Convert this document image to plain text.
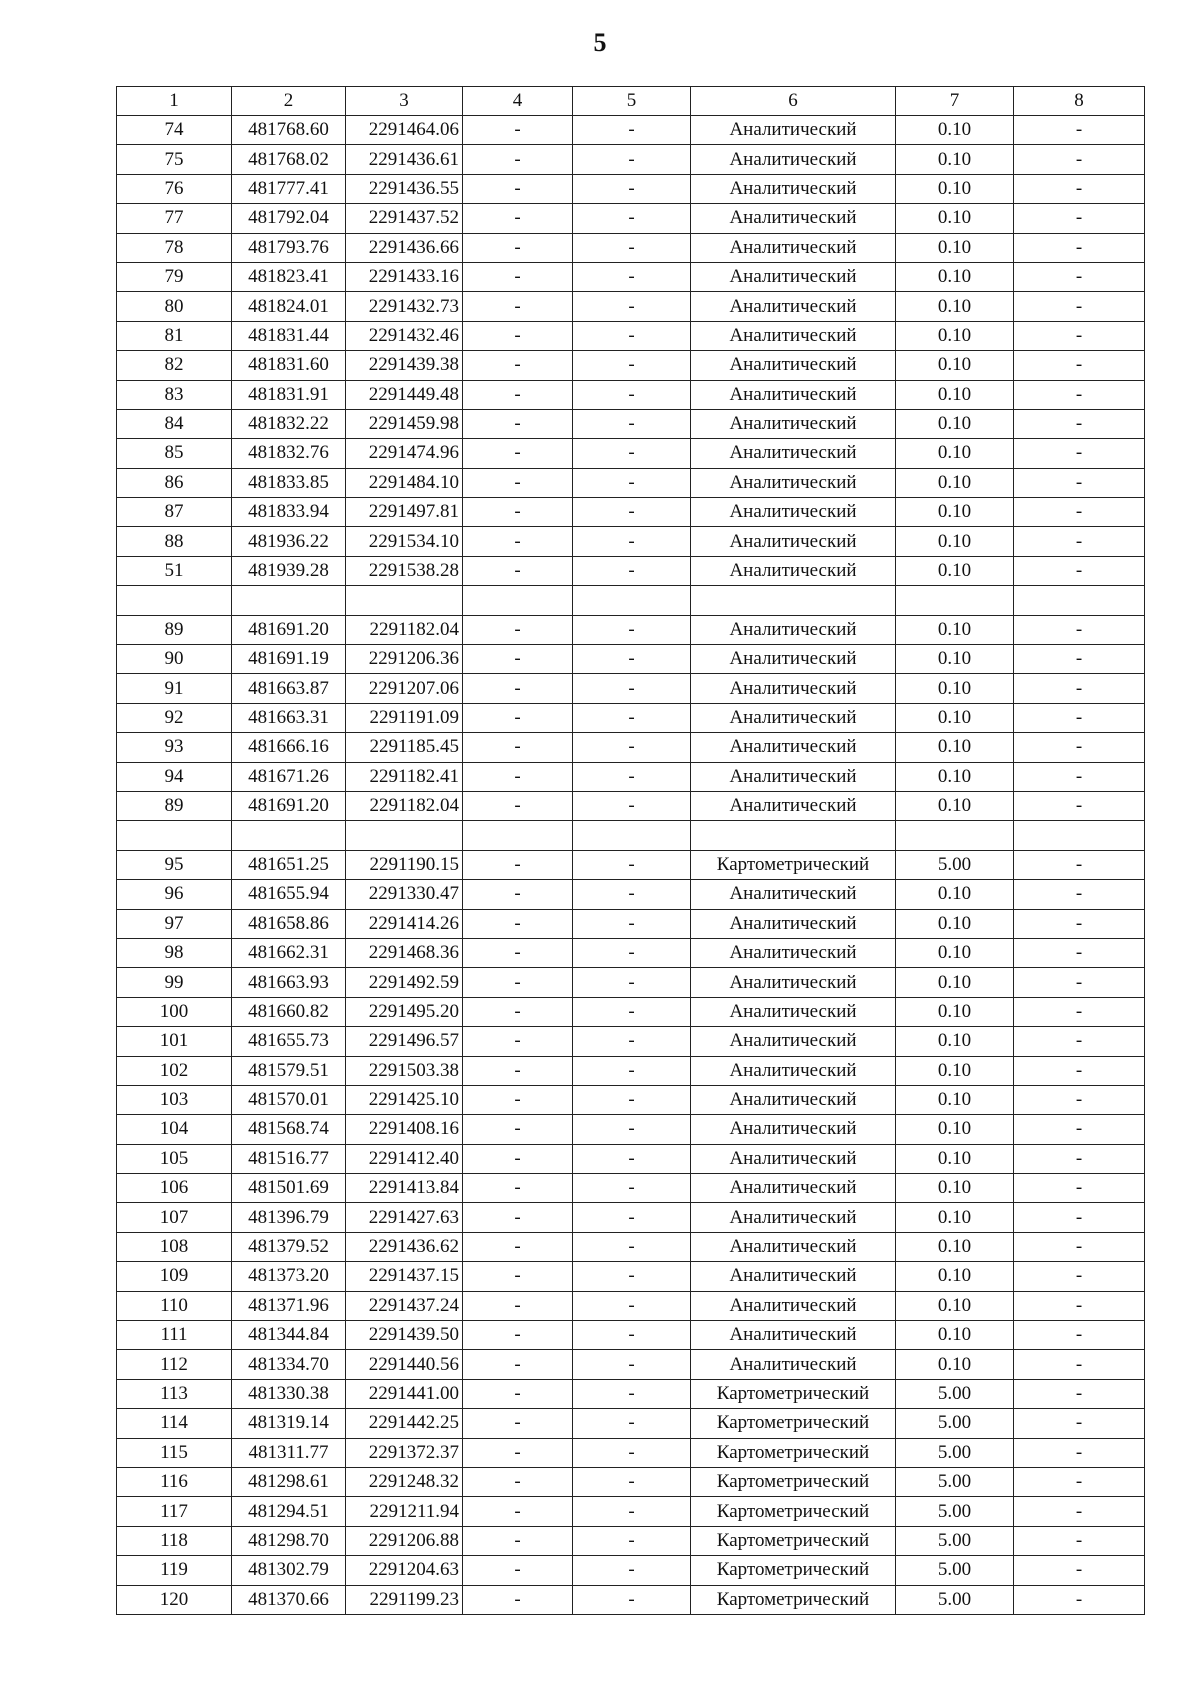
5
1	2	3	4	5	6	7	8
74	481768.60	2291464.06	-	-	Аналитический	0.10	-
75	481768.02	2291436.61	-	-	Аналитический	0.10	-
76	481777.41	2291436.55	-	-	Аналитический	0.10	-
77	481792.04	2291437.52	-	-	Аналитический	0.10	-
78	481793.76	2291436.66	-	-	Аналитический	0.10	-
79	481823.41	2291433.16	-	-	Аналитический	0.10	-
80	481824.01	2291432.73	-	-	Аналитический	0.10	-
81	481831.44	2291432.46	-	-	Аналитический	0.10	-
82	481831.60	2291439.38	-	-	Аналитический	0.10	-
83	481831.91	2291449.48	-	-	Аналитический	0.10	-
84	481832.22	2291459.98	-	-	Аналитический	0.10	-
85	481832.76	2291474.96	-	-	Аналитический	0.10	-
86	481833.85	2291484.10	-	-	Аналитический	0.10	-
87	481833.94	2291497.81	-	-	Аналитический	0.10	-
88	481936.22	2291534.10	-	-	Аналитический	0.10	-
51	481939.28	2291538.28	-	-	Аналитический	0.10	-

89	481691.20	2291182.04	-	-	Аналитический	0.10	-
90	481691.19	2291206.36	-	-	Аналитический	0.10	-
91	481663.87	2291207.06	-	-	Аналитический	0.10	-
92	481663.31	2291191.09	-	-	Аналитический	0.10	-
93	481666.16	2291185.45	-	-	Аналитический	0.10	-
94	481671.26	2291182.41	-	-	Аналитический	0.10	-
89	481691.20	2291182.04	-	-	Аналитический	0.10	-

95	481651.25	2291190.15	-	-	Картометрический	5.00	-
96	481655.94	2291330.47	-	-	Аналитический	0.10	-
97	481658.86	2291414.26	-	-	Аналитический	0.10	-
98	481662.31	2291468.36	-	-	Аналитический	0.10	-
99	481663.93	2291492.59	-	-	Аналитический	0.10	-
100	481660.82	2291495.20	-	-	Аналитический	0.10	-
101	481655.73	2291496.57	-	-	Аналитический	0.10	-
102	481579.51	2291503.38	-	-	Аналитический	0.10	-
103	481570.01	2291425.10	-	-	Аналитический	0.10	-
104	481568.74	2291408.16	-	-	Аналитический	0.10	-
105	481516.77	2291412.40	-	-	Аналитический	0.10	-
106	481501.69	2291413.84	-	-	Аналитический	0.10	-
107	481396.79	2291427.63	-	-	Аналитический	0.10	-
108	481379.52	2291436.62	-	-	Аналитический	0.10	-
109	481373.20	2291437.15	-	-	Аналитический	0.10	-
110	481371.96	2291437.24	-	-	Аналитический	0.10	-
111	481344.84	2291439.50	-	-	Аналитический	0.10	-
112	481334.70	2291440.56	-	-	Аналитический	0.10	-
113	481330.38	2291441.00	-	-	Картометрический	5.00	-
114	481319.14	2291442.25	-	-	Картометрический	5.00	-
115	481311.77	2291372.37	-	-	Картометрический	5.00	-
116	481298.61	2291248.32	-	-	Картометрический	5.00	-
117	481294.51	2291211.94	-	-	Картометрический	5.00	-
118	481298.70	2291206.88	-	-	Картометрический	5.00	-
119	481302.79	2291204.63	-	-	Картометрический	5.00	-
120	481370.66	2291199.23	-	-	Картометрический	5.00	-
